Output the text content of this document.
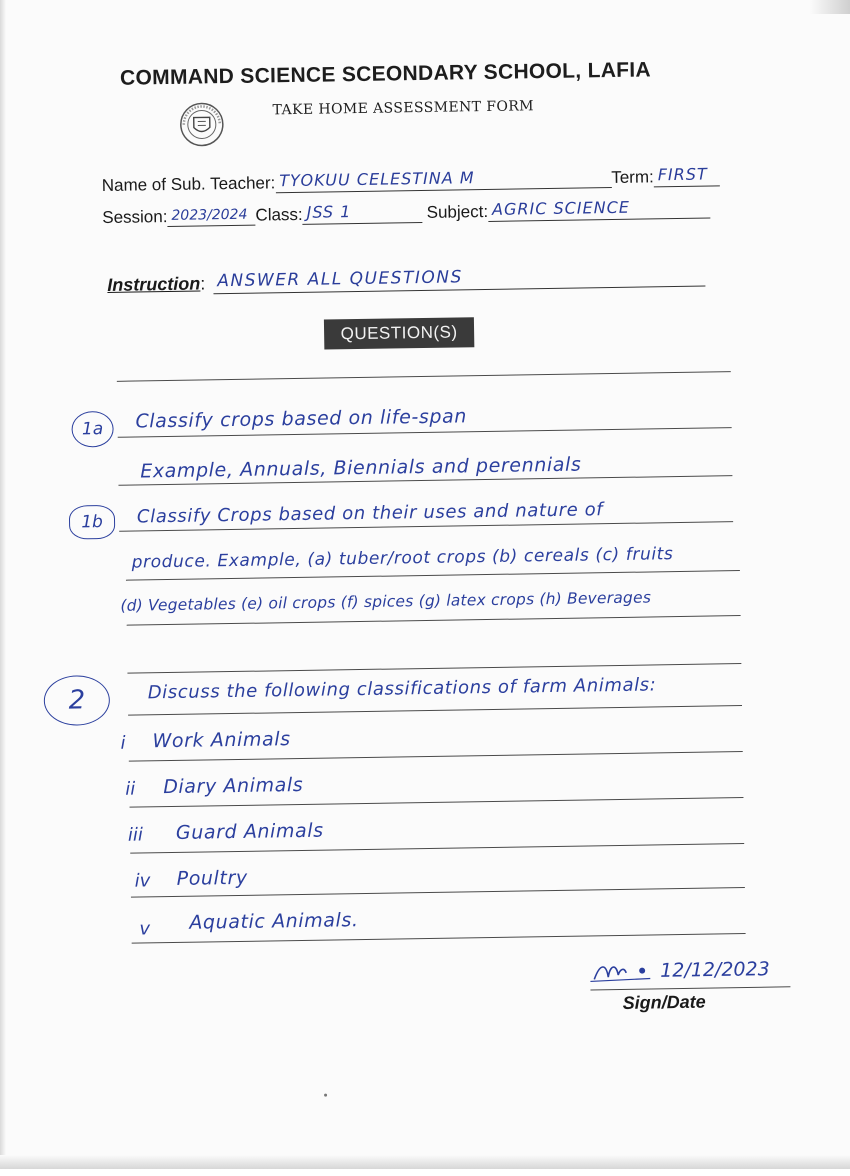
COMMAND SCIENCE SCEONDARY SCHOOL, LAFIA
TAKE HOME ASSESSMENT FORM
Name of Sub. Teacher: TYOKUU CELESTINA M	Term: FIRST
Session: 2023/2024 Class: JSS 1	Subject: AGRIC SCIENCE
Instruction: ANSWER ALL QUESTIONS
QUESTION(S)
1a	Classify crops based on life-span
Example, Annuals, Biennials and perennials
1b	Classify Crops based on their uses and nature of
produce. Example, (a) tuber/root crops (b) cereals (c) fruits
(d) Vegetables (e) oil crops (f) spices (g) latex crops (h) Beverages
2	Discuss the following classifications of farm Animals:
i Work Animals
ii Diary Animals
iii Guard Animals
iv Poultry
v Aquatic Animals.
12/12/2023
Sign/Date
